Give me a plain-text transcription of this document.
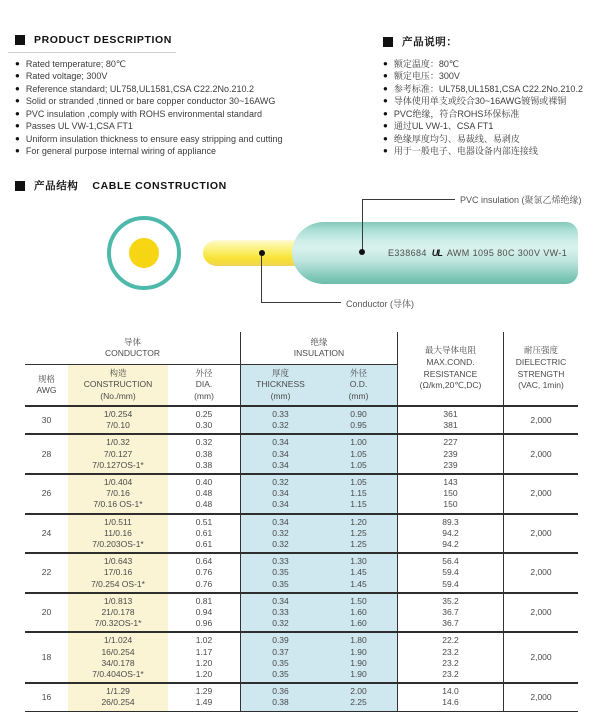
PRODUCT DESCRIPTION
● Rated temperature; 80℃
● Rated voltage; 300V
● Reference standard; UL758,UL1581,CSA C22.2No.210.2
● Solid or stranded ,tinned or bare copper conductor 30~16AWG
● PVC insulation ,comply with ROHS environmental standard
● Passes UL VW-1,CSA FT1
● Uniform insulation thickness to ensure easy stripping and cutting
● For general purpose internal wiring of appliance
产品说明：
● 额定温度：80℃
● 额定电压：300V
● 参考标准：UL758,UL1581,CSA C22.2No.210.2
● 导体使用单支或绞合30~16AWG镀锡或裸铜
● PVC绝缘，符合ROHS环保标准
● 通过UL VW-1、CSA FT1
● 绝缘厚度均匀、易裁线、易剥皮
● 用于一般电子、电器设备内部连接线
产品结构 CABLE CONSTRUCTION
E338684 UL AWM 1095 80C 300V VW-1
PVC insulation (聚氯乙烯绝缘)
Conductor (导体)
导体
CONDUCTOR
绝缘
INSULATION	最大导体电阻
MAX.COND.
RESISTANCE
(Ω/km,20℃,DC)
耐压强度
DIELECTRIC
STRENGTH
(VAC, 1min)
规格
AWG
构造
CONSTRUCTION
(No./mm)
外径
DIA.
(mm)
厚度
THICKNESS
(mm)
外径
O.D.
(mm)
30
1/0.254
7/0.10
0.25
0.30
0.33
0.32
0.90
0.95
361
381
2,000
28
1/0.32
7/0.127
7/0.127OS-1*
0.32
0.38
0.38
0.34
0.34
0.34
1.00
1.05
1.05
227
239
239
2,000
26
1/0.404
7/0.16
7/0.16 OS-1*
0.40
0.48
0.48
0.32
0.34
0.34
1.05
1.15
1.15
143
150
150
2,000
24
1/0.511
11/0.16
7/0.203OS-1*
0.51
0.61
0.61
0.34
0.32
0.32
1.20
1.25
1.25
89.3
94.2
94.2
2,000
22
1/0.643
17/0.16
7/0.254 OS-1*
0.64
0.76
0.76
0.33
0.35
0.35
1.30
1.45
1.45
56.4
59.4
59.4
2,000
20
1/0.813
21/0.178
7/0.32OS-1*
0.81
0.94
0.96
0.34
0.33
0.32
1.50
1.60
1.60
35.2
36.7
36.7
2,000
18
1/1.024
16/0.254
34/0.178
7/0.404OS-1*
1.02
1.17
1.20
1.20
0.39
0.37
0.35
0.35
1.80
1.90
1.90
1.90
22.2
23.2
23.2
23.2
2,000
16
1/1.29
26/0.254
1.29
1.49
0.36
0.38
2.00
2.25
14.0
14.6
2,000
